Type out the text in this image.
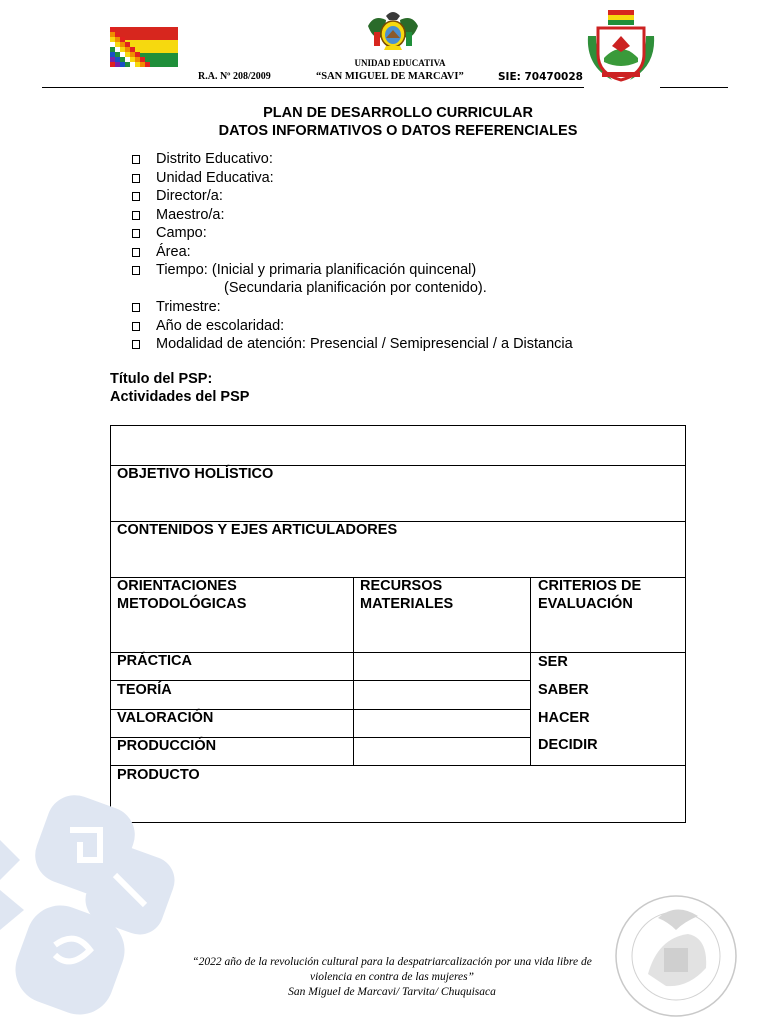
UNIDAD EDUCATIVA
R.A. Nº 208/2009	“SAN MIGUEL DE MARCAVI”	SIE: 70470028
PLAN DE DESARROLLO CURRICULAR
DATOS INFORMATIVOS O DATOS REFERENCIALES
Distrito Educativo:
Unidad Educativa:
Director/a:
Maestro/a:
Campo:
Área:
Tiempo: (Inicial y primaria planificación quincenal)
Trimestre:
Año de escolaridad:
Modalidad de atención: Presencial / Semipresencial / a Distancia
(Secundaria planificación por contenido).
Título del PSP:
Actividades del PSP
OBJETIVO HOLÍSTICO
CONTENIDOS Y EJES ARTICULADORES
ORIENTACIONES METODOLÓGICAS
RECURSOS MATERIALES
CRITERIOS DE EVALUACIÓN
PRÁCTICA
TEORÍA
VALORACIÓN
PRODUCCIÓN
SER
SABER
HACER
DECIDIR
PRODUCTO
“2022 año de la revolución cultural para la despatriarcalización por una vida libre de
violencia en contra de las mujeres”
San Miguel de Marcavi/ Tarvita/ Chuquisaca
